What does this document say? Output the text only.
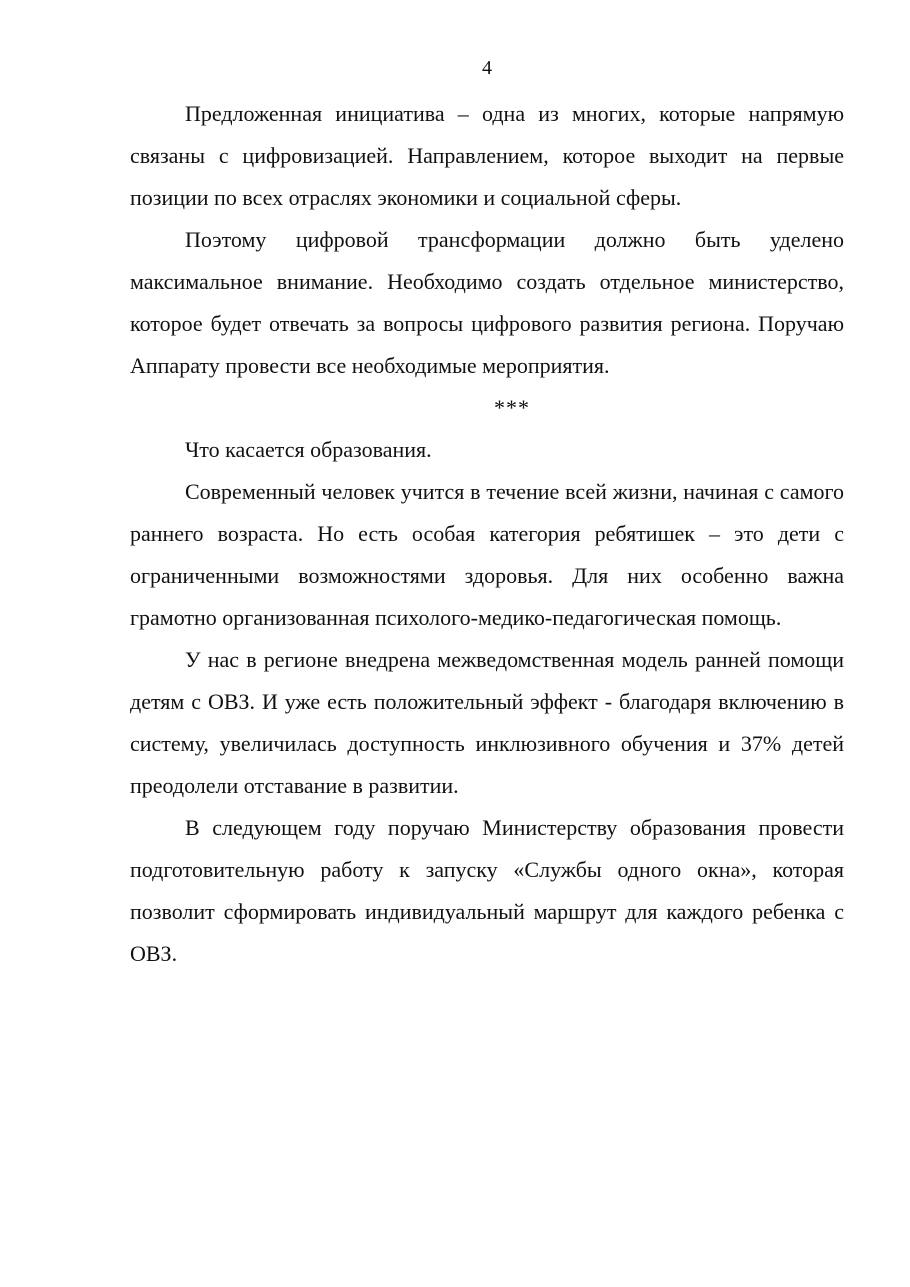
4

Предложенная инициатива – одна из многих, которые напрямую связаны с цифровизацией. Направлением, которое выходит на первые позиции по всех отраслях экономики и социальной сферы.

Поэтому цифровой трансформации должно быть уделено максимальное внимание. Необходимо создать отдельное министерство, которое будет отвечать за вопросы цифрового развития региона. Поручаю Аппарату провести все необходимые мероприятия.

***

Что касается образования.

Современный человек учится в течение всей жизни, начиная с самого раннего возраста. Но есть особая категория ребятишек – это дети с ограниченными возможностями здоровья. Для них особенно важна грамотно организованная психолого-медико-педагогическая помощь.

У нас в регионе внедрена межведомственная модель ранней помощи детям с ОВЗ. И уже есть положительный эффект - благодаря включению в систему, увеличилась доступность инклюзивного обучения и 37% детей преодолели отставание в развитии.

В следующем году поручаю Министерству образования провести подготовительную работу к запуску «Службы одного окна», которая позволит сформировать индивидуальный маршрут для каждого ребенка с ОВЗ.
